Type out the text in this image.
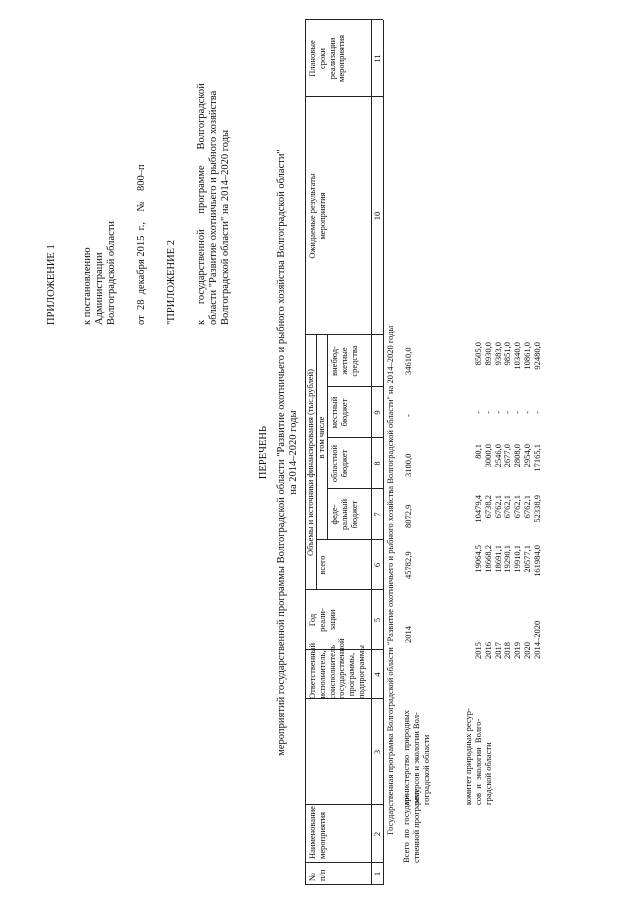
ПРИЛОЖЕНИЕ 1 к постановлению Администрации Волгоградской области от  28  декабря 2015  г.,    №    800–п "ПРИЛОЖЕНИЕ 2 к      государственной      программе      Волгоградской области "Развитие охотничьего и рыбного хозяйства Волгоградской области" на 2014–2020 годы
ПЕРЕЧЕНЬ мероприятий государственной программы Волгоградской области "Развитие охотничьего и рыбного хозяйства Волгоградской области" на 2014–2020 годы
№
п/п
Наименование
мероприятия
Ответственный
исполнитель,
соисполнитель
государственной
программы,
подпрограммы
Год
реали-
зации
Объемы и источники финансирования (тыс.рублей)
всего
в том числе
феде-
ральный
бюджет
областной
бюджет
местный
бюджет
внебюд-
жетные
средства
Ожидаемые результаты
мероприятия
Плановые
сроки
реализации
мероприятия
1
2
3
4
5
6
7
8
9
10
11
Государственная программа Волгоградской области "Развитие охотничьего и рыбного хозяйства Волгоградской области" на 2014–2020 годы
Всего  по  государ-
ственной программе
министерство  природных
ресурсов и экологии Вол-
гоградской области
2014
45782,9
8072,9
3100,0
-
34610,0
комитет природных ресур-
сов  и  экологии  Волго-
градской области
2015
2016
2017
2018
2019
2020
2014–2020
19064,5
18668,2
18691,1
19290,1
19910,1
20577,1
161984,0
10479,4
6738,2
6762,1
6762,1
6762,1
6762,1
52338,9
80,1
3000,0
2546,0
2677,0
2808,0
2954,0
17165,1
-
-
-
-
-
-
-
8505,0
8930,0
9383,0
9851,0
10340,0
10861,0
92480,0
